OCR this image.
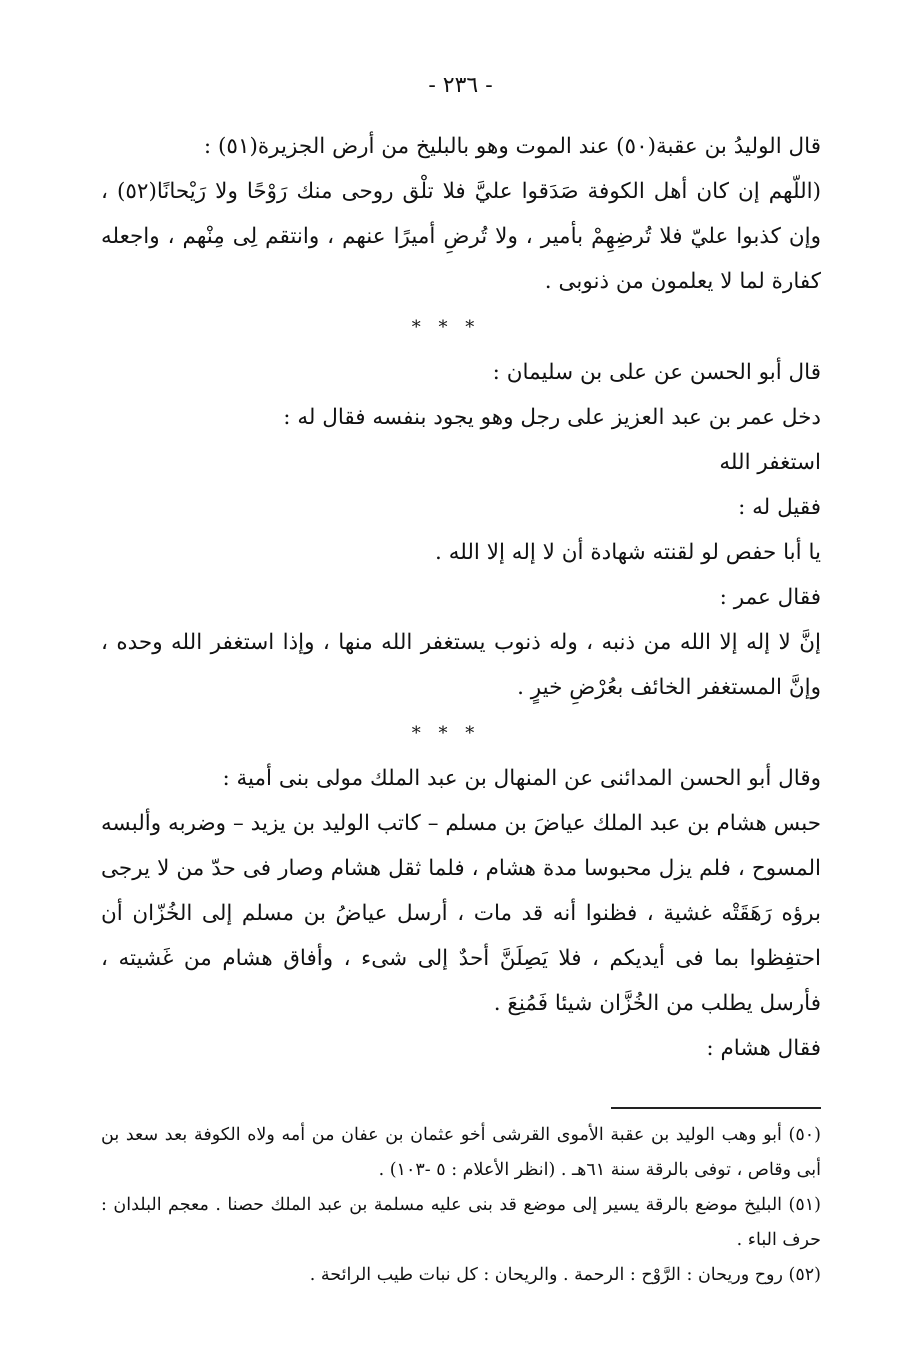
- ٢٣٦ -

قال الوليدُ بن عقبة(٥٠) عند الموت وهو بالبليخ من أرض الجزيرة(٥١) :

(اللّهم إن كان أهل الكوفة صَدَقوا عليَّ فلا تلْق روحى منك رَوْحًا ولا رَيْحانًا(٥٢) ، وإن كذبوا عليّ فلا تُرضِهِمْ بأمير ، ولا تُرضِ أميرًا عنهم ، وانتقم لِى مِنْهم ، واجعله كفارة لما لا يعلمون من ذنوبى .

* * *

قال أبو الحسن عن على بن سليمان :

دخل عمر بن عبد العزيز على رجل وهو يجود بنفسه فقال له :

استغفر الله

فقيل له :

يا أبا حفص لو لقنته شهادة أن لا إله إلا الله .

فقال عمر :

إنَّ لا إله إلا الله من ذنبه ، وله ذنوب يستغفر الله منها ، وإذا استغفر الله وحده ، وإنَّ المستغفر الخائف بعُرْضِ خيرٍ .

* * *

وقال أبو الحسن المدائنى عن المنهال بن عبد الملك مولى بنى أمية :

حبس هشام بن عبد الملك عياضَ بن مسلم – كاتب الوليد بن يزيد – وضربه وألبسه المسوح ، فلم يزل محبوسا مدة هشام ، فلما ثقل هشام وصار فى حدّ من لا يرجى برؤه رَهَقَتْه غشية ، فظنوا أنه قد مات ، أرسل عياضُ بن مسلم إلى الخُزّان أن احتفِظوا بما فى أيديكم ، فلا يَصِلَنَّ أحدٌ إلى شىء ، وأفاق هشام من غَشيته ، فأرسل يطلب من الخُزَّان شيئا فَمُنِعَ .

فقال هشام :

(٥٠) أبو وهب الوليد بن عقبة الأموى القرشى أخو عثمان بن عفان من أمه ولاه الكوفة بعد سعد بن أبى وقاص ، توفى بالرقة سنة ٦١هـ . (انظر الأعلام : ٥ -١٠٣) .

(٥١) البليخ موضع بالرقة يسير إلى موضع قد بنى عليه مسلمة بن عبد الملك حصنا . معجم البلدان : حرف الباء .

(٥٢) روح وريحان : الرَّوْح : الرحمة . والريحان : كل نبات طيب الرائحة .
